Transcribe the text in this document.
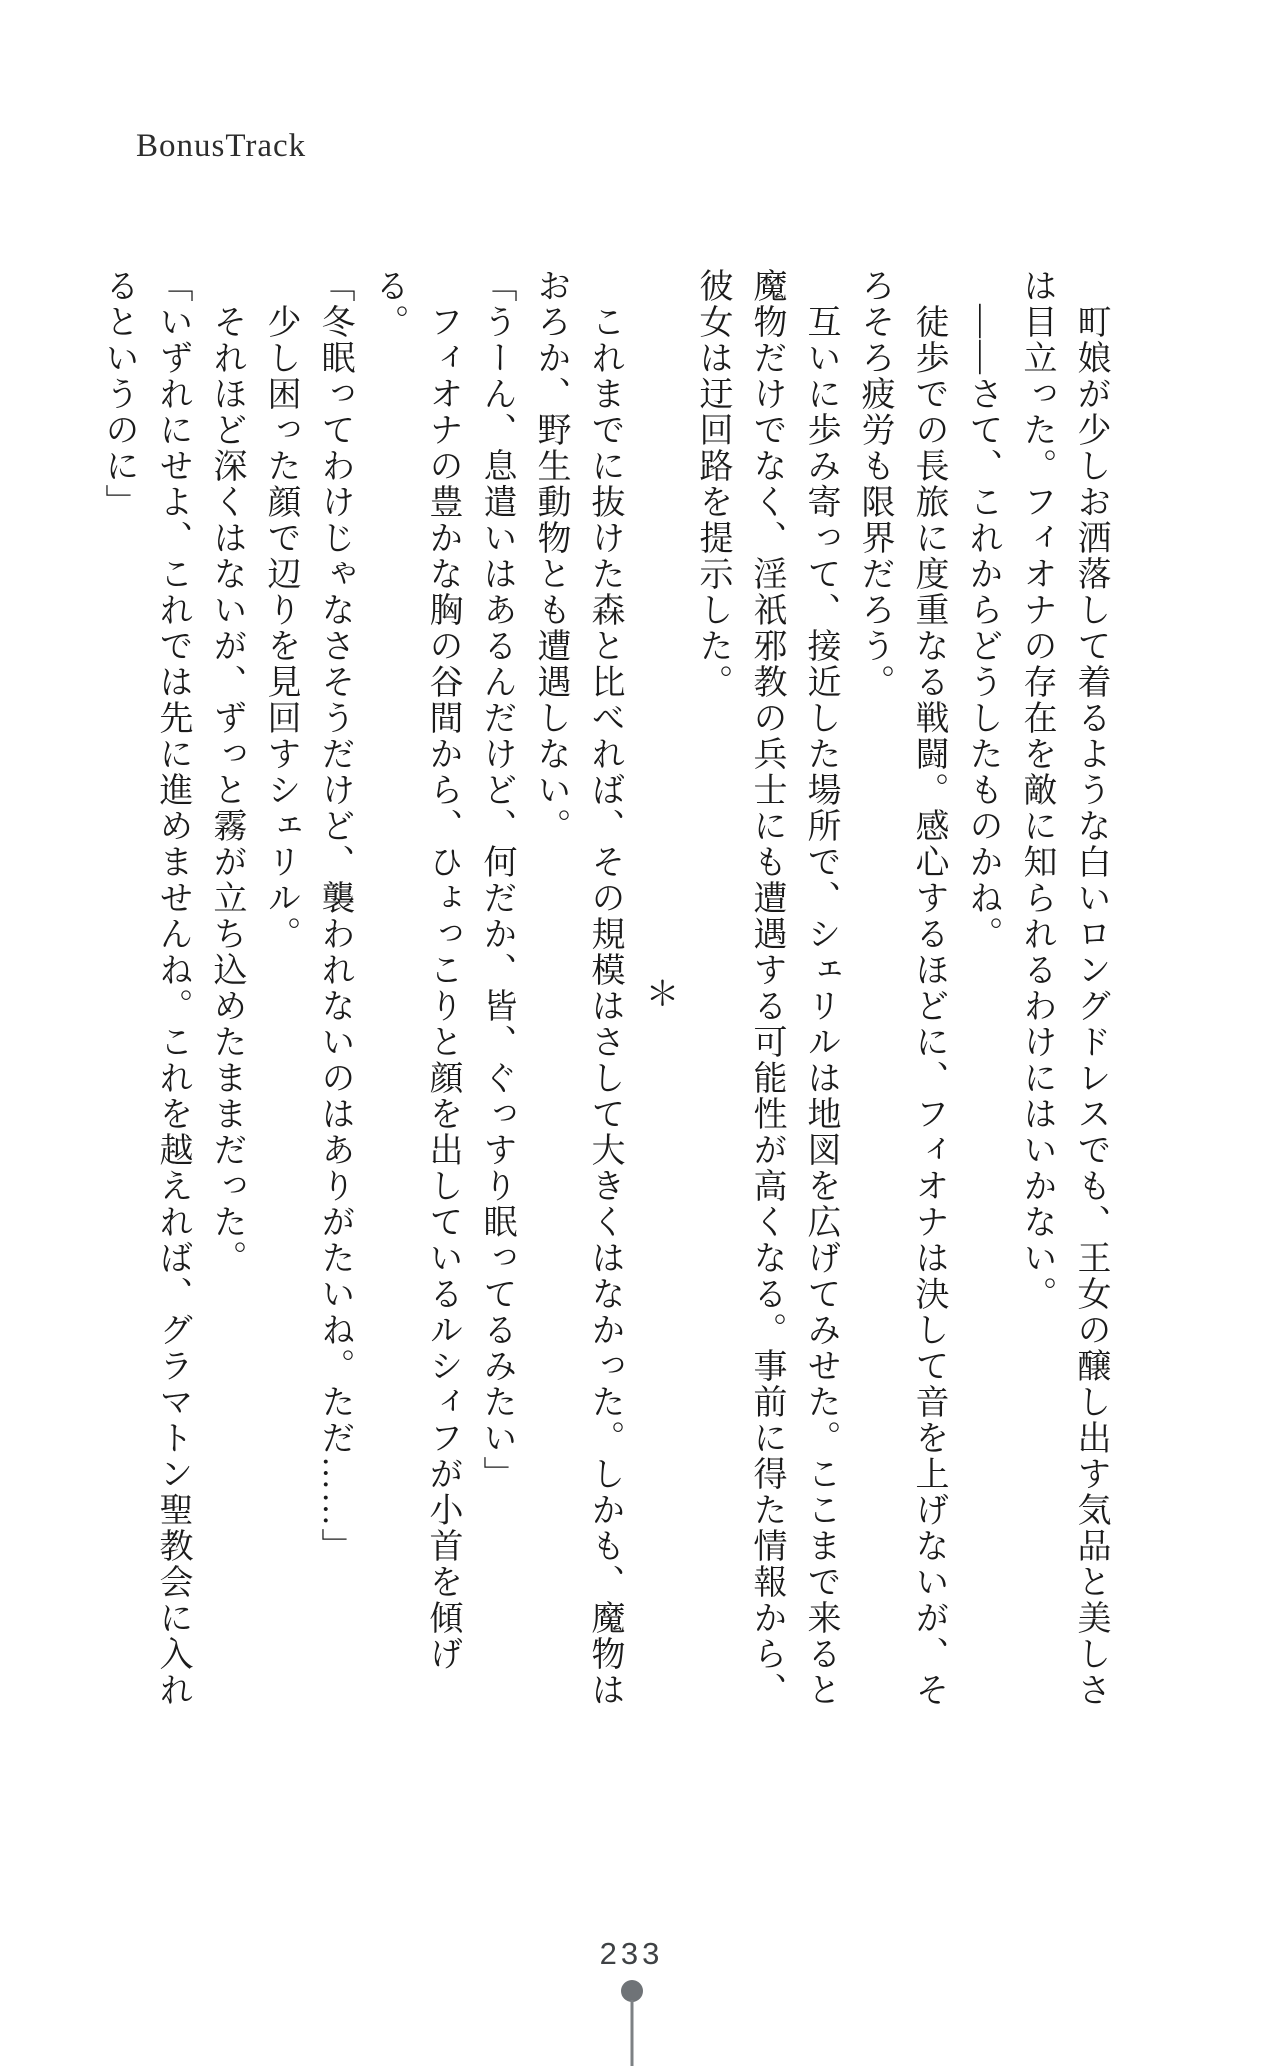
BonusTrack

町娘が少しお洒落して着るような白いロングドレスでも、王女の醸し出す気品と美しさは目立った。フィオナの存在を敵に知られるわけにはいかない。

――さて、これからどうしたものかね。

徒歩での長旅に度重なる戦闘。感心するほどに、フィオナは決して音を上げないが、そろそろ疲労も限界だろう。

互いに歩み寄って、接近した場所で、シェリルは地図を広げてみせた。ここまで来ると魔物だけでなく、淫祇邪教の兵士にも遭遇する可能性が高くなる。事前に得た情報から、彼女は迂回路を提示した。

＊

これまでに抜けた森と比べれば、その規模はさして大きくはなかった。しかも、魔物はおろか、野生動物とも遭遇しない。

「うーん、息遣いはあるんだけど、何だか、皆、ぐっすり眠ってるみたい」

フィオナの豊かな胸の谷間から、ひょっこりと顔を出しているルシィフが小首を傾げる。

「冬眠ってわけじゃなさそうだけど、襲われないのはありがたいね。ただ……」

少し困った顔で辺りを見回すシェリル。

それほど深くはないが、ずっと霧が立ち込めたままだった。

「いずれにせよ、これでは先に進めませんね。これを越えれば、グラマトン聖教会に入れるというのに」

233
